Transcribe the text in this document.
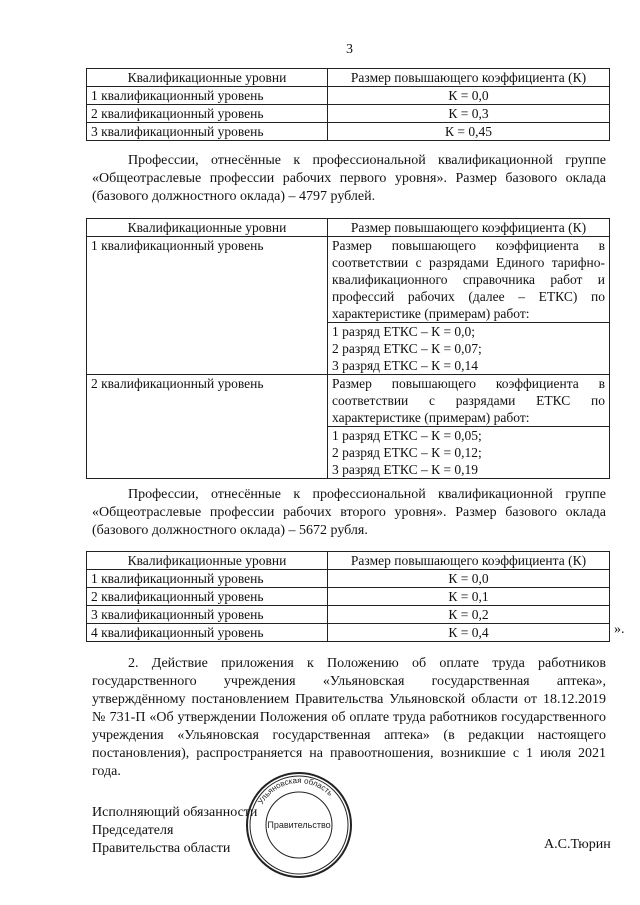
3
Квалификационные уровни	Размер повышающего коэффициента (К)
1 квалификационный уровень	К = 0,0
2 квалификационный уровень	К = 0,3
3 квалификационный уровень	К = 0,45

Профессии, отнесённые к профессиональной квалификационной группе «Общеотраслевые профессии рабочих первого уровня». Размер базового оклада (базового должностного оклада) – 4797 рублей.

Квалификационные уровни	Размер повышающего коэффициента (К)
1 квалификационный уровень	Размер повышающего коэффициента в соответствии с разрядами Единого тарифно-квалификационного справочника работ и профессий рабочих (далее – ЕТКС) по характеристике (примерам) работ:

	1 разряд ЕТКС – К = 0,0;
2 разряд ЕТКС – К = 0,07;
3 разряд ЕТКС – К = 0,14

2 квалификационный уровень	Размер повышающего коэффициента в соответствии с разрядами ЕТКС по характеристике (примерам) работ:

	1 разряд ЕТКС – К = 0,05;
2 разряд ЕТКС – К = 0,12;
3 разряд ЕТКС – К = 0,19

Профессии, отнесённые к профессиональной квалификационной группе «Общеотраслевые профессии рабочих второго уровня». Размер базового оклада (базового должностного оклада) – 5672 рубля.

Квалификационные уровни	Размер повышающего коэффициента (К)
1 квалификационный уровень	К = 0,0
2 квалификационный уровень	К = 0,1
3 квалификационный уровень	К = 0,2
4 квалификационный уровень	К = 0,4	».

2. Действие приложения к Положению об оплате труда работников государственного учреждения «Ульяновская государственная аптека», утверждённому постановлением Правительства Ульяновской области от 18.12.2019 № 731-П «Об утверждении Положения об оплате труда работников государственного учреждения «Ульяновская государственная аптека» (в редакции настоящего постановления), распространяется на правоотношения, возникшие с 1 июля 2021 года.

Исполняющий обязанности
Председателя
Правительства области	А.С.Тюрин
Ульяновская область
Правительство
